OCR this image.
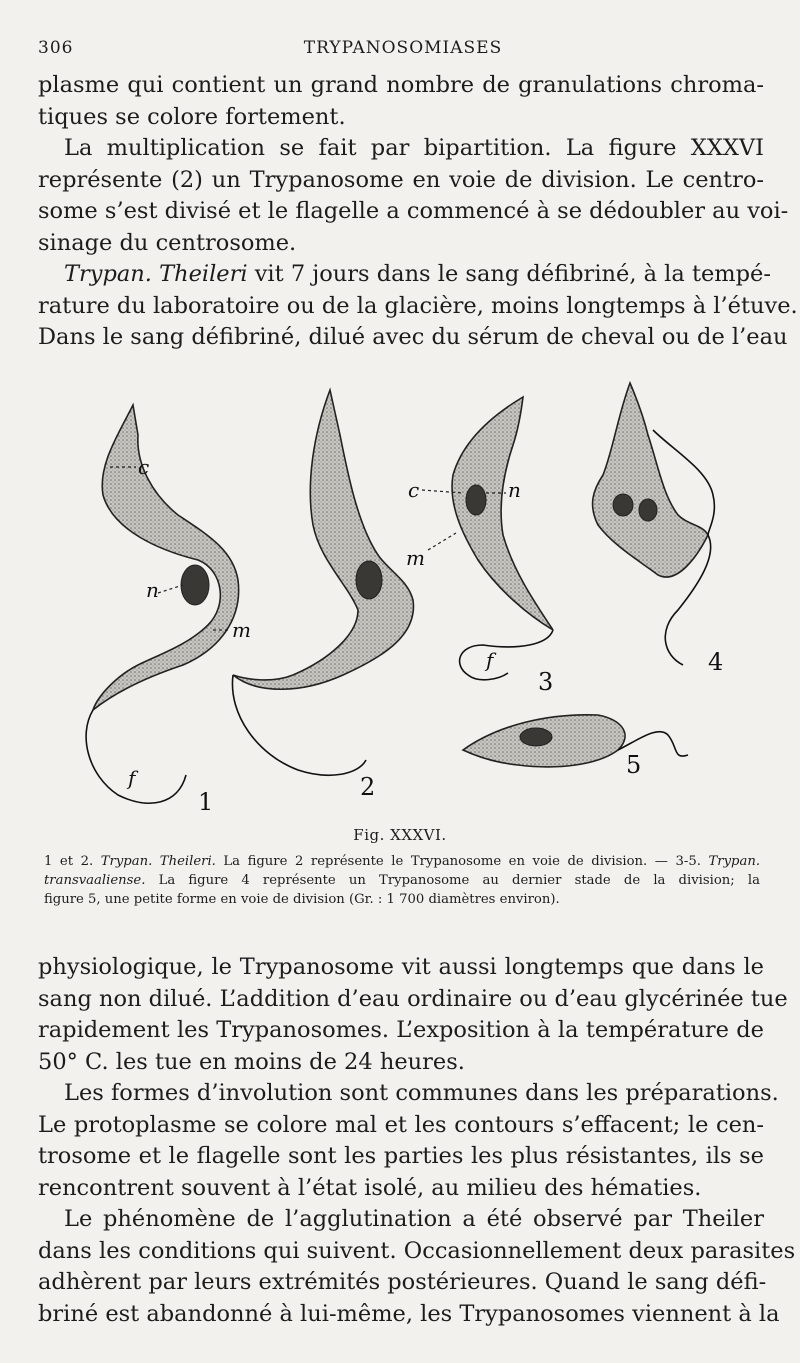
306	TRYPANOSOMIASES
plasme qui contient un grand nombre de granulations chroma-
tiques se colore fortement.
La multiplication se fait par bipartition. La figure XXXVI
représente (2) un Trypanosome en voie de division. Le centro-
some s’est divisé et le flagelle a commencé à se dédoubler au voi-
sinage du centrosome.
Trypan. Theileri vit 7 jours dans le sang défibriné, à la tempé-
rature du laboratoire ou de la glacière, moins longtemps à l’étuve.
Dans le sang défibriné, dilué avec du sérum de cheval ou de l’eau
c
n
m
f
c	n
m
f
1
2
3
4
5
Fig. XXXVI.
1 et 2. Trypan. Theileri. La figure 2 représente le Trypanosome en voie de division. — 3-5. Trypan.
transvaaliense. La figure 4 représente un Trypanosome au dernier stade de la division; la
figure 5, une petite forme en voie de division (Gr. : 1 700 diamètres environ).
physiologique, le Trypanosome vit aussi longtemps que dans le
sang non dilué. L’addition d’eau ordinaire ou d’eau glycérinée tue
rapidement les Trypanosomes. L’exposition à la température de
50° C. les tue en moins de 24 heures.
Les formes d’involution sont communes dans les préparations.
Le protoplasme se colore mal et les contours s’effacent; le cen-
trosome et le flagelle sont les parties les plus résistantes, ils se
rencontrent souvent à l’état isolé, au milieu des hématies.
Le phénomène de l’agglutination a été observé par Theiler
dans les conditions qui suivent. Occasionnellement deux parasites
adhèrent par leurs extrémités postérieures. Quand le sang défi-
briné est abandonné à lui-même, les Trypanosomes viennent à la
